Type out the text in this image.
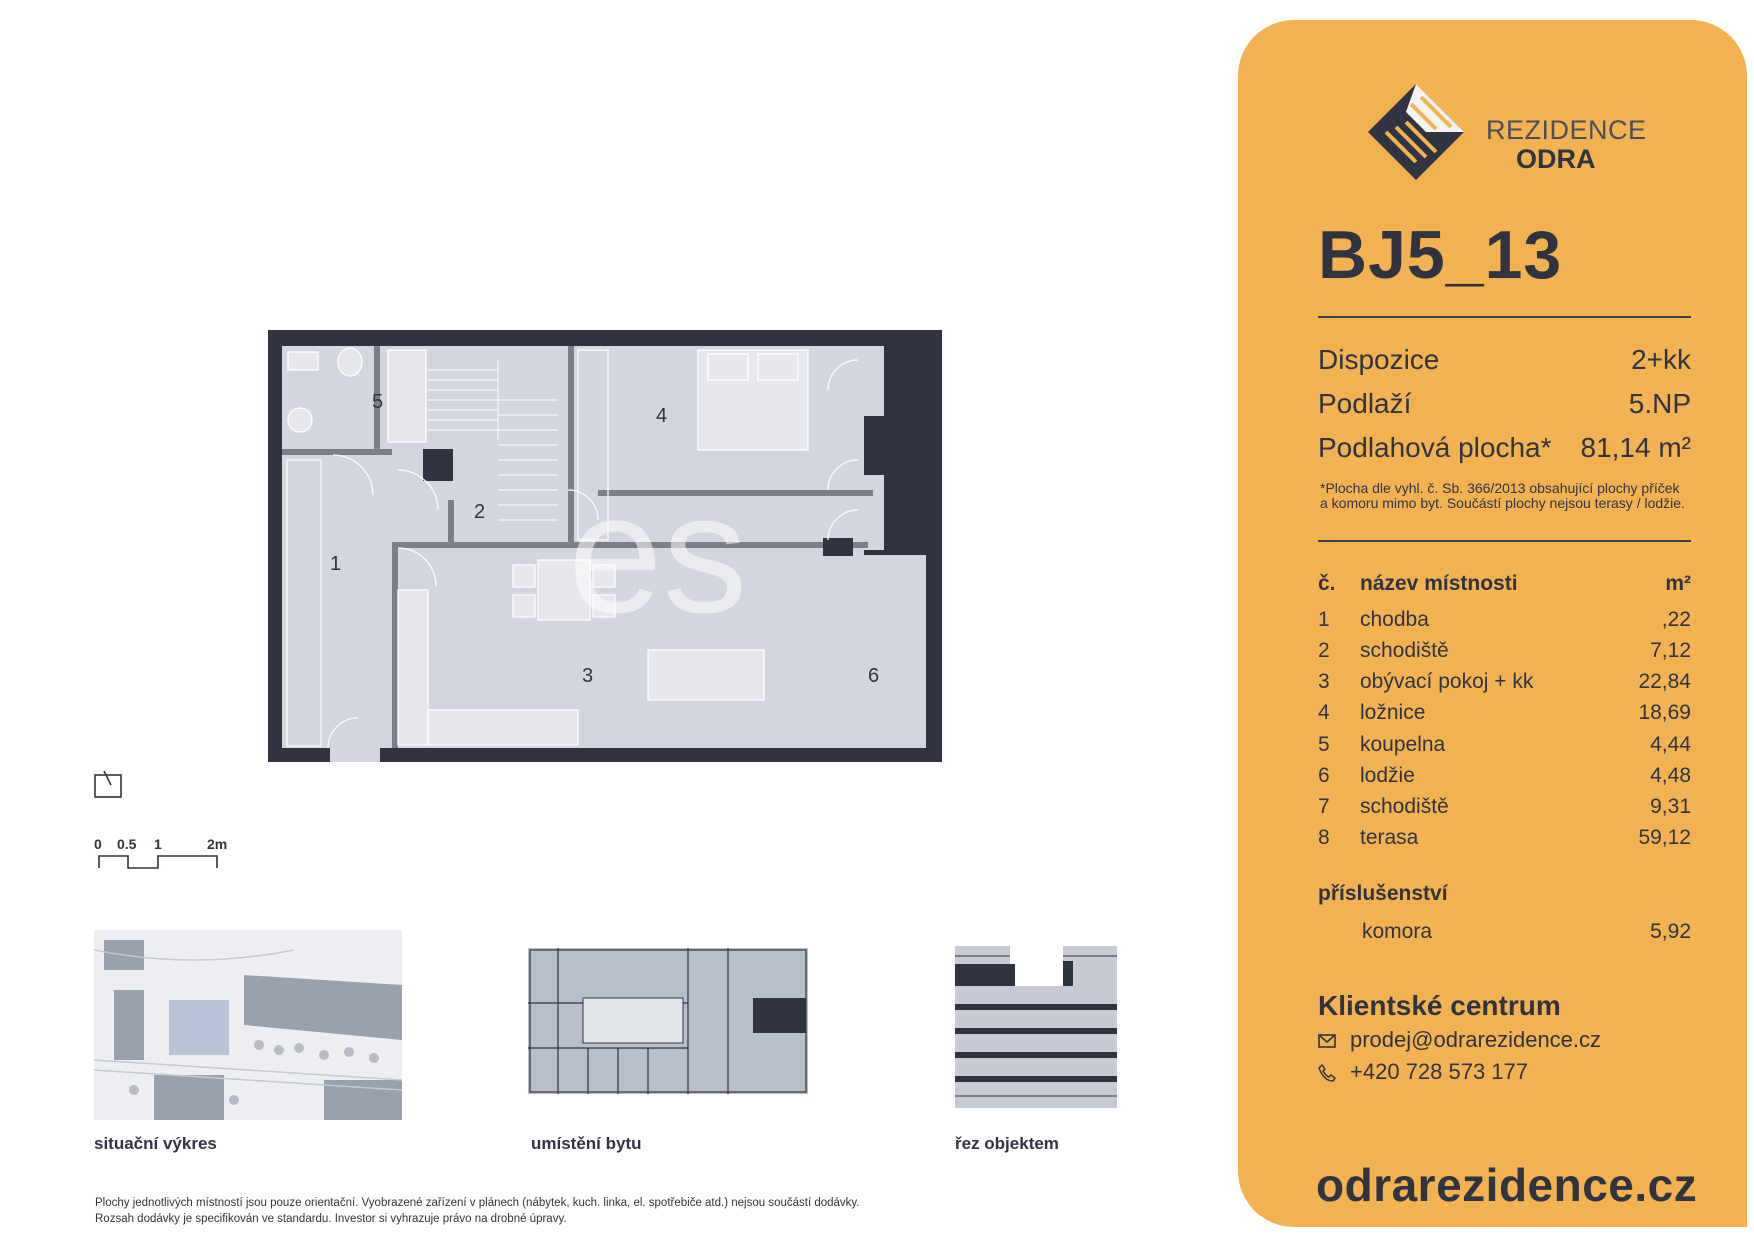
REZIDENCE
ODRA
BJ5_13
Dispozice	2+kk
Podlaží	5.NP
Podlahová plocha* 81,14 m²
*Plocha dle vyhl. č. Sb. 366/2013 obsahující plochy příček
a komoru mimo byt. Součástí plochy nejsou terasy / lodžie.
č. název místnosti	m²
1 chodba	,22
2 schodiště	7,12
3 obývací pokoj + kk	22,84
4 ložnice	18,69
5 koupelna	4,44
6 lodžie	4,48
7 schodiště	9,31
8 terasa	59,12
příslušenství
komora	5,92
Klientské centrum
prodej@odrarezidence.cz
+420 728 573 177
odrarezidence.cz
es
1
2
3
4
5
6
0 0.5 1	2m
situační výkres	umístění bytu	řez objektem
Plochy jednotlivých místností jsou pouze orientační. Vyobrazené zařízení v plánech (nábytek, kuch. linka, el. spotřebiče atd.) nejsou součástí dodávky.
Rozsah dodávky je specifikován ve standardu. Investor si vyhrazuje právo na drobné úpravy.
